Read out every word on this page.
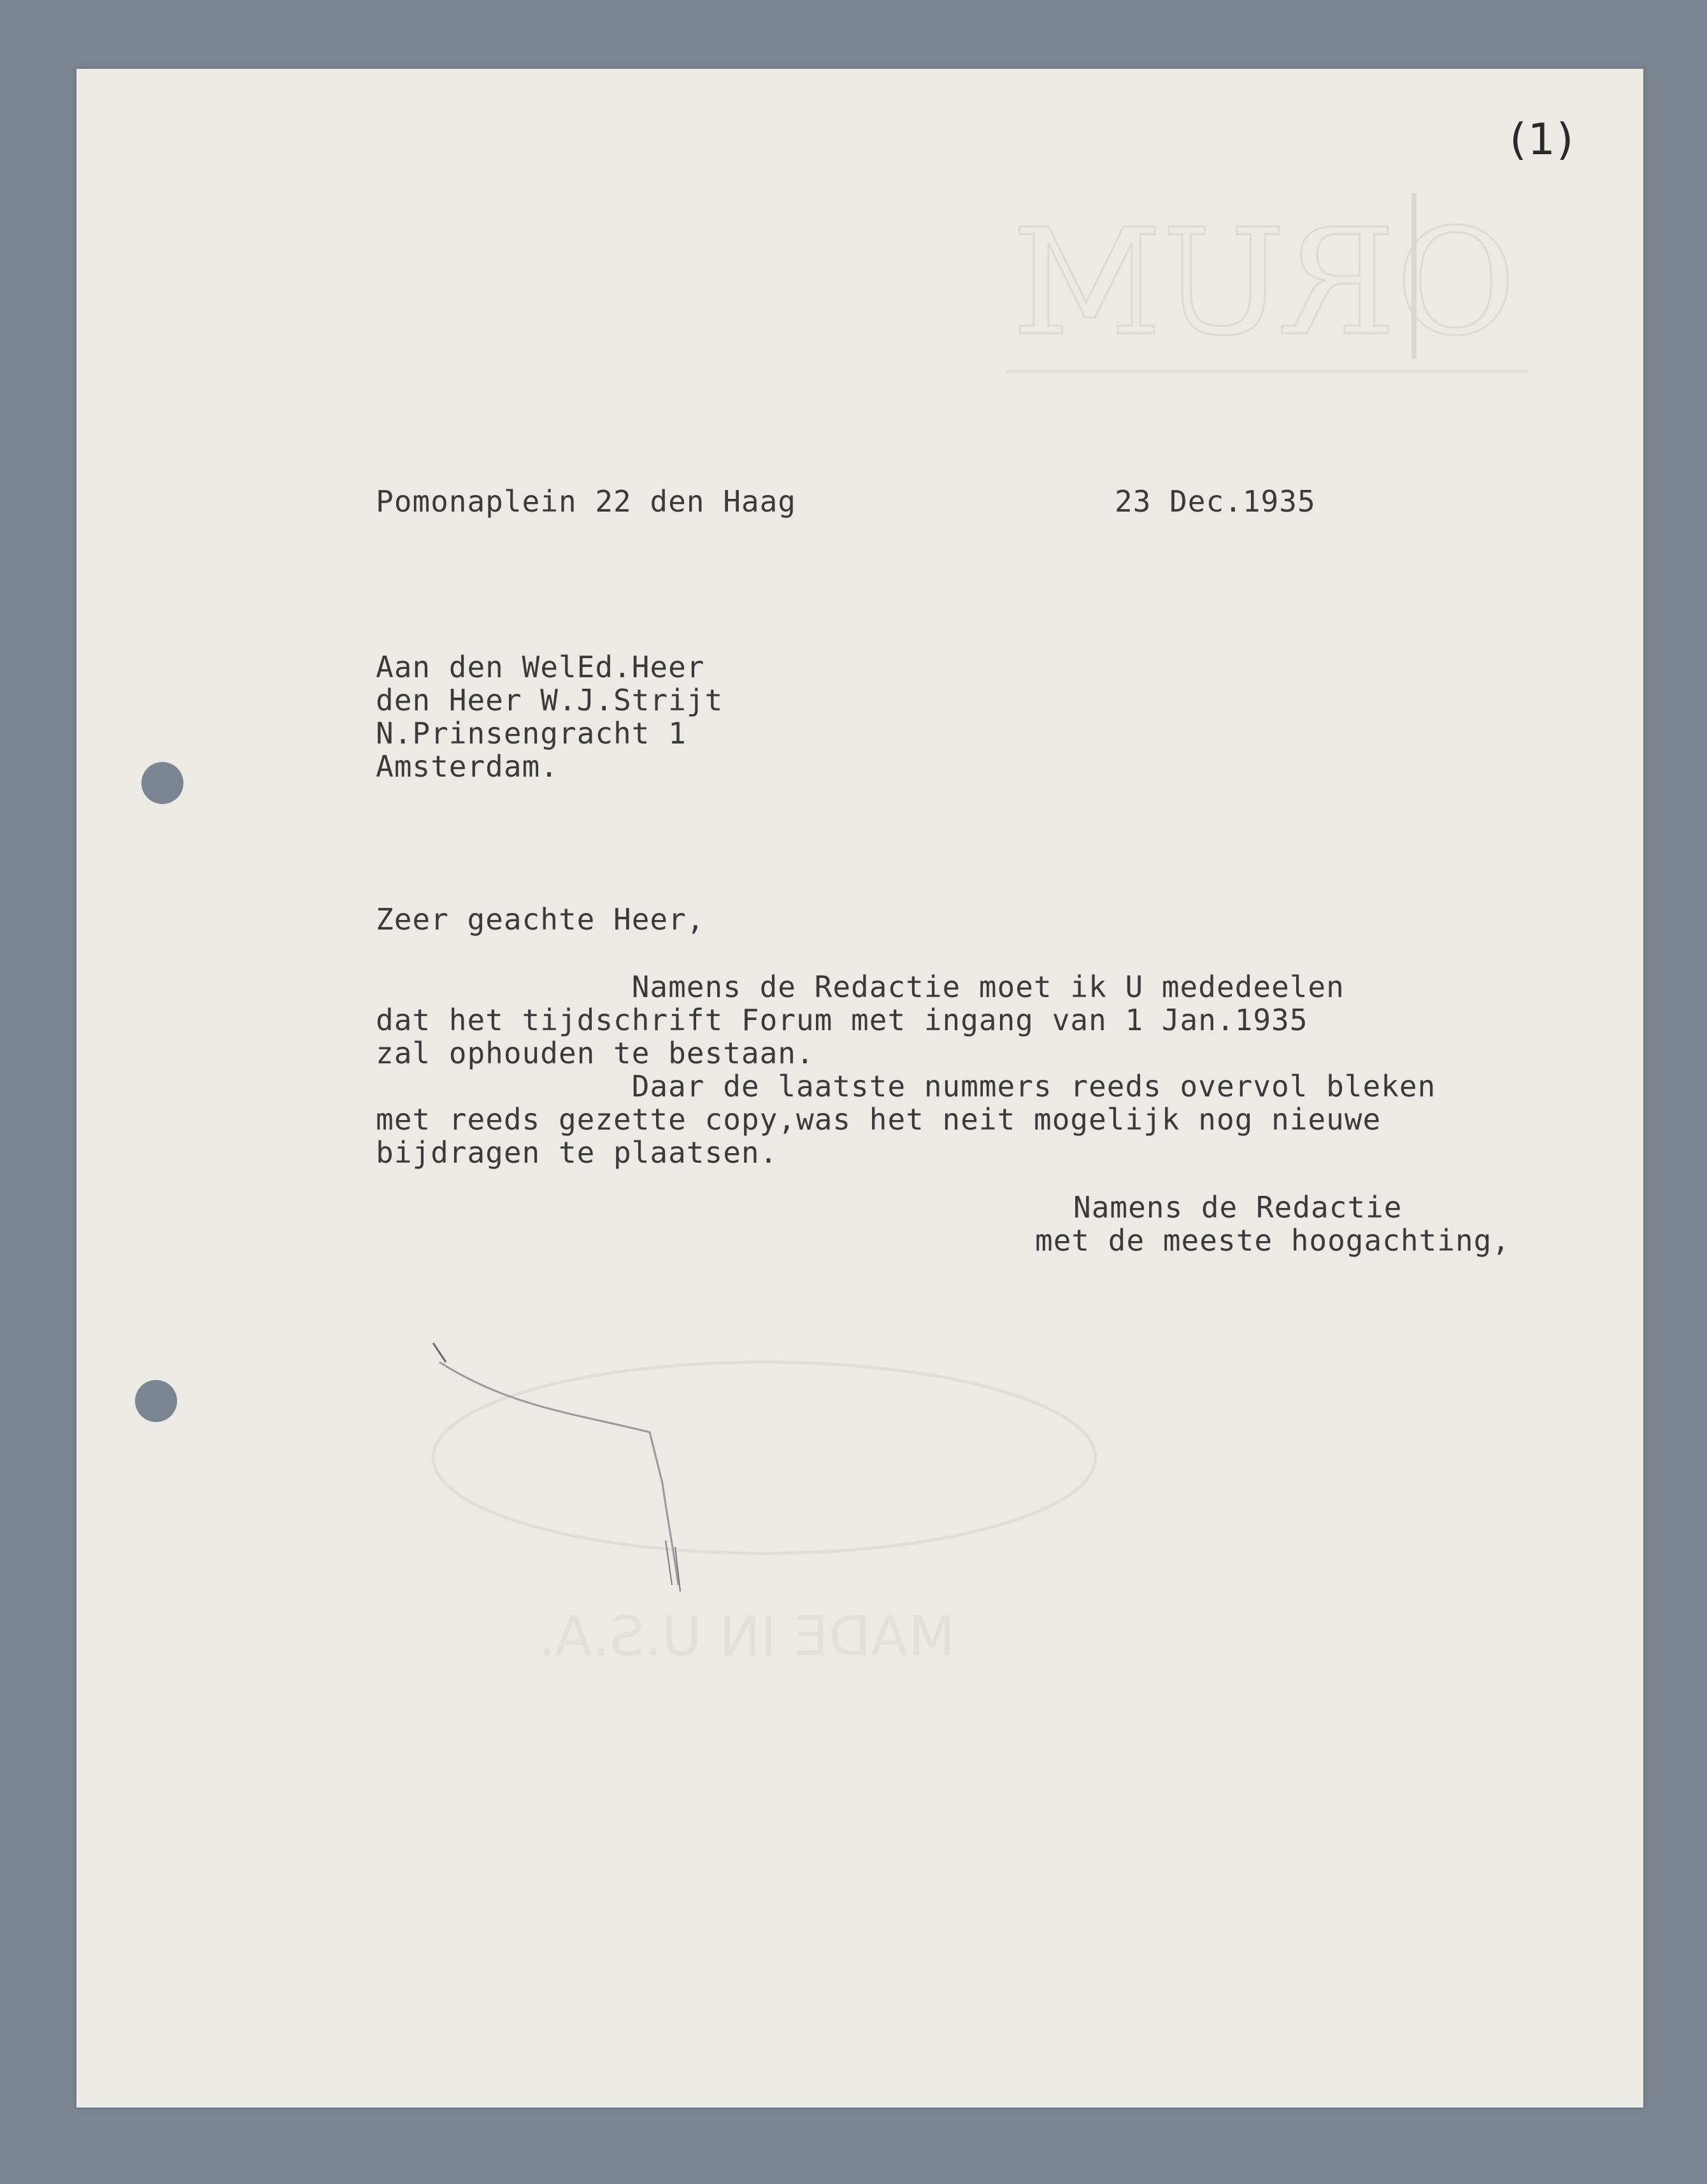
ORUM
MADE IN U.S.A.
(1)
Pomonaplein 22 den Haag	23 Dec.1935
Aan den WelEd.Heer
den Heer W.J.Strijt
N.Prinsengracht 1
Amsterdam.
Zeer geachte Heer,
Namens de Redactie moet ik U mededeelen
dat het tijdschrift Forum met ingang van 1 Jan.1935
zal ophouden te bestaan.
Daar de laatste nummers reeds overvol bleken
met reeds gezette copy,was het neit mogelijk nog nieuwe
bijdragen te plaatsen.
Namens de Redactie
met de meeste hoogachting,
